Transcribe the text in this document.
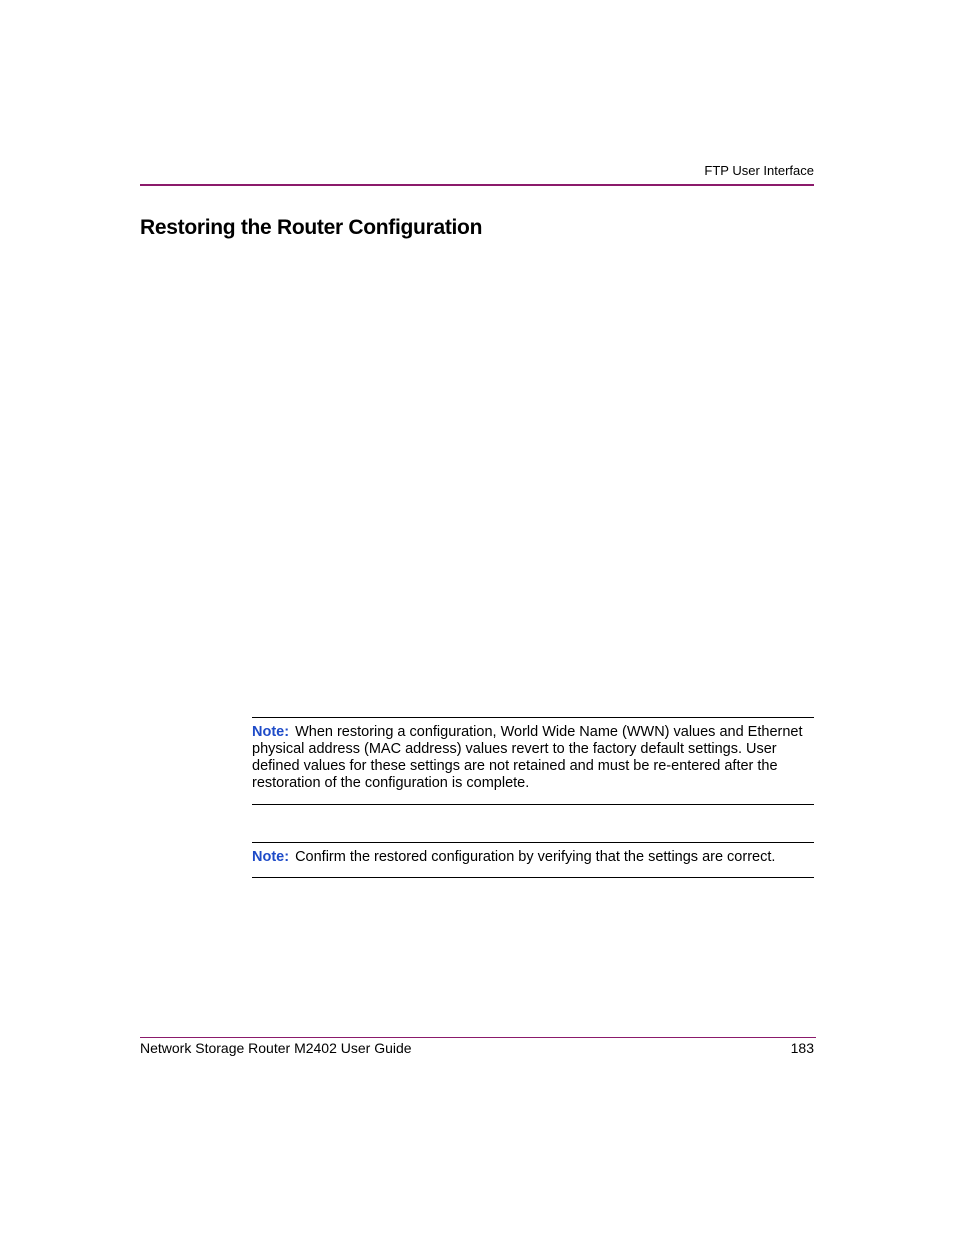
FTP User Interface
Restoring the Router Configuration
Note: When restoring a configuration, World Wide Name (WWN) values and Ethernet physical address (MAC address) values revert to the factory default settings. User defined values for these settings are not retained and must be re-entered after the restoration of the configuration is complete.
Note: Confirm the restored configuration by verifying that the settings are correct.
Network Storage Router M2402 User Guide	183
